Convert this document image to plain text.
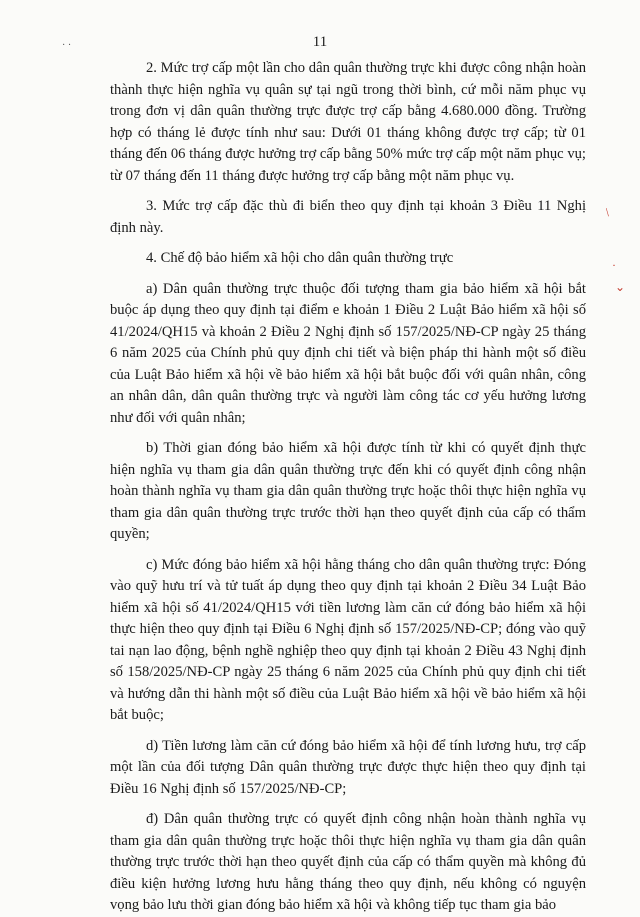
11
· ·
/
·
⌄

2. Mức trợ cấp một lần cho dân quân thường trực khi được công nhận hoàn thành thực hiện nghĩa vụ quân sự tại ngũ trong thời bình, cứ mỗi năm phục vụ trong đơn vị dân quân thường trực được trợ cấp bằng 4.680.000 đồng. Trường hợp có tháng lẻ được tính như sau: Dưới 01 tháng không được trợ cấp; từ 01 tháng đến 06 tháng được hưởng trợ cấp bằng 50% mức trợ cấp một năm phục vụ; từ 07 tháng đến 11 tháng được hưởng trợ cấp bằng một năm phục vụ.

3. Mức trợ cấp đặc thù đi biển theo quy định tại khoản 3 Điều 11 Nghị định này.

4. Chế độ bảo hiểm xã hội cho dân quân thường trực

a) Dân quân thường trực thuộc đối tượng tham gia bảo hiểm xã hội bắt buộc áp dụng theo quy định tại điểm e khoản 1 Điều 2 Luật Bảo hiểm xã hội số 41/2024/QH15 và khoản 2 Điều 2 Nghị định số 157/2025/NĐ-CP ngày 25 tháng 6 năm 2025 của Chính phủ quy định chi tiết và biện pháp thi hành một số điều của Luật Bảo hiểm xã hội về bảo hiểm xã hội bắt buộc đối với quân nhân, công an nhân dân, dân quân thường trực và người làm công tác cơ yếu hưởng lương như đối với quân nhân;

b) Thời gian đóng bảo hiểm xã hội được tính từ khi có quyết định thực hiện nghĩa vụ tham gia dân quân thường trực đến khi có quyết định công nhận hoàn thành nghĩa vụ tham gia dân quân thường trực hoặc thôi thực hiện nghĩa vụ tham gia dân quân thường trực trước thời hạn theo quyết định của cấp có thẩm quyền;

c) Mức đóng bảo hiểm xã hội hằng tháng cho dân quân thường trực: Đóng vào quỹ hưu trí và tử tuất áp dụng theo quy định tại khoản 2 Điều 34 Luật Bảo hiểm xã hội số 41/2024/QH15 với tiền lương làm căn cứ đóng bảo hiểm xã hội thực hiện theo quy định tại Điều 6 Nghị định số 157/2025/NĐ-CP; đóng vào quỹ tai nạn lao động, bệnh nghề nghiệp theo quy định tại khoản 2 Điều 43 Nghị định số 158/2025/NĐ-CP ngày 25 tháng 6 năm 2025 của Chính phủ quy định chi tiết và hướng dẫn thi hành một số điều của Luật Bảo hiểm xã hội về bảo hiểm xã hội bắt buộc;

d) Tiền lương làm căn cứ đóng bảo hiểm xã hội để tính lương hưu, trợ cấp một lần của đối tượng Dân quân thường trực được thực hiện theo quy định tại Điều 16 Nghị định số 157/2025/NĐ-CP;

đ) Dân quân thường trực có quyết định công nhận hoàn thành nghĩa vụ tham gia dân quân thường trực hoặc thôi thực hiện nghĩa vụ tham gia dân quân thường trực trước thời hạn theo quyết định của cấp có thẩm quyền mà không đủ điều kiện hưởng lương hưu hằng tháng theo quy định, nếu không có nguyện vọng bảo lưu thời gian đóng bảo hiểm xã hội và không tiếp tục tham gia bảo
